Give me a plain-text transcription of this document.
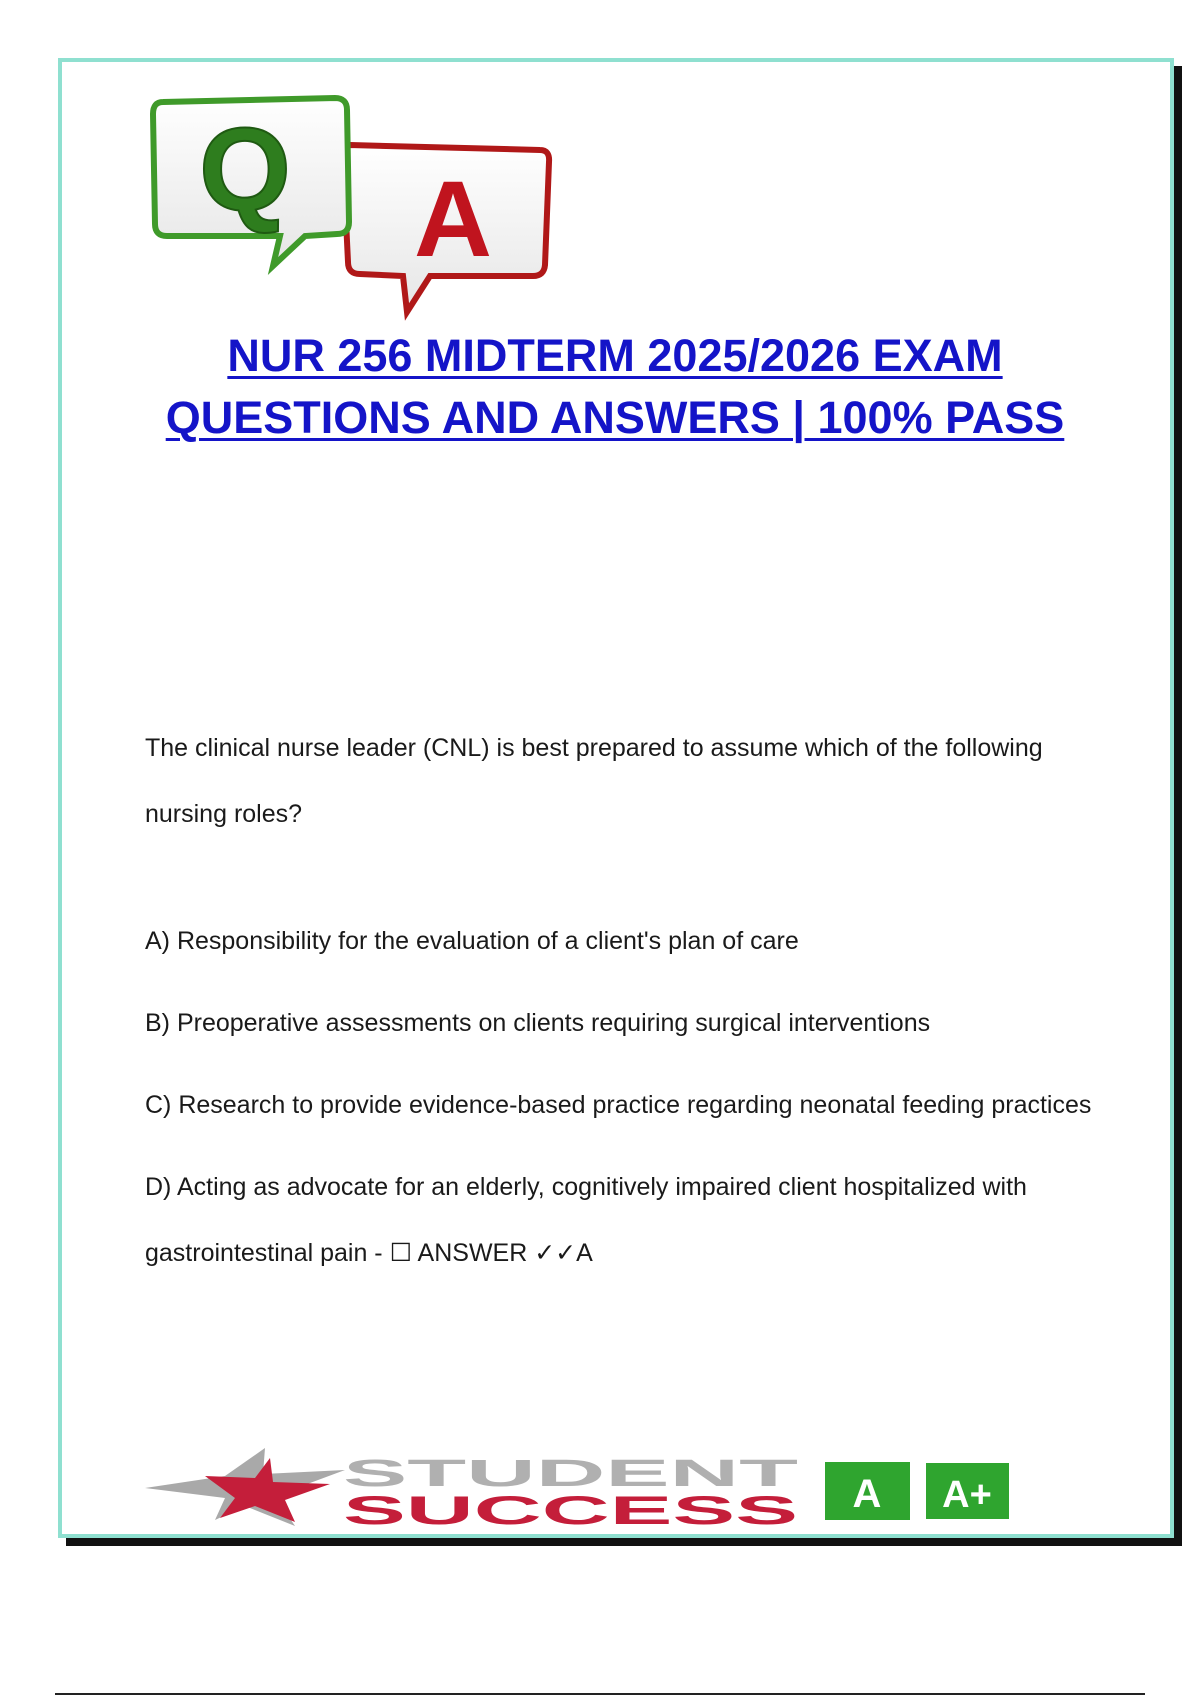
Q A
NUR 256 MIDTERM 2025/2026 EXAM QUESTIONS AND ANSWERS | 100% PASS

The clinical nurse leader (CNL) is best prepared to assume which of the following nursing roles?

A) Responsibility for the evaluation of a client's plan of care

B) Preoperative assessments on clients requiring surgical interventions

C) Research to provide evidence-based practice regarding neonatal feeding practices

D) Acting as advocate for an elderly, cognitively impaired client hospitalized with gastrointestinal pain - ☐ ANSWER ✓✓A

STUDENT
SUCCESS A A+
